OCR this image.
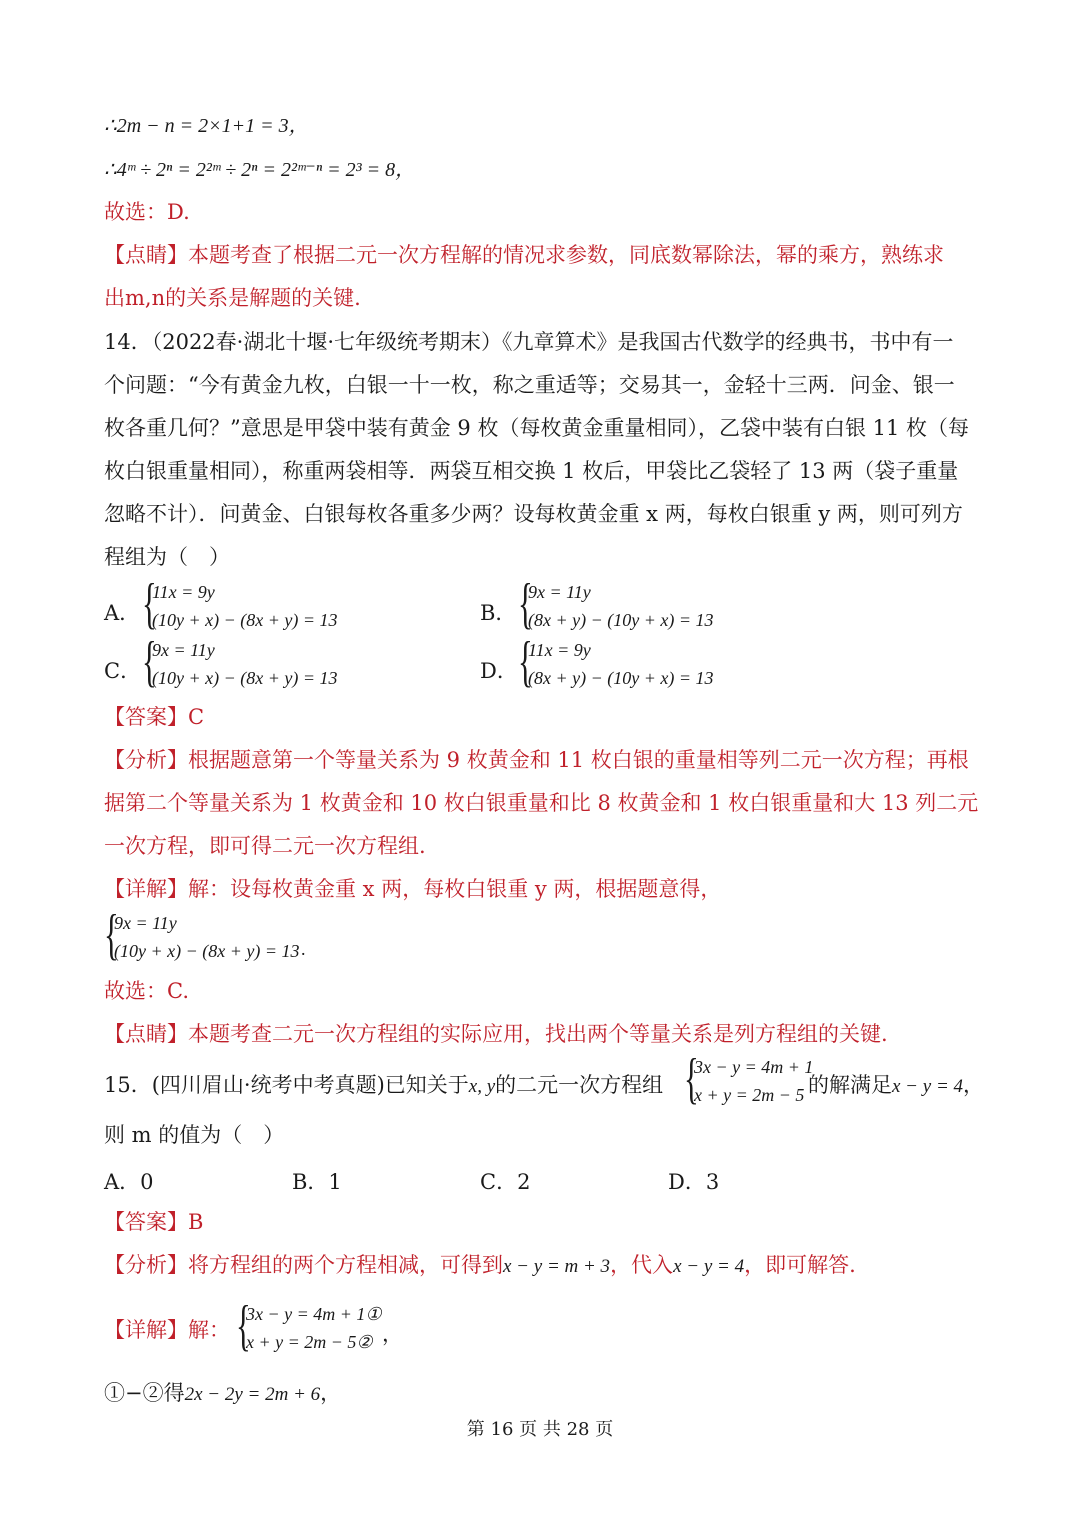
∴2m − n = 2×1+1 = 3，
∴4ᵐ ÷ 2ⁿ = 2²ᵐ ÷ 2ⁿ = 2²ᵐ⁻ⁿ = 2³ = 8，
故选：D.
【点睛】本题考查了根据二元一次方程解的情况求参数，同底数幂除法，幂的乘方，熟练求
出m,n的关系是解题的关键.
14．（2022春·湖北十堰·七年级统考期末）《九章算术》是我国古代数学的经典书，书中有一
个问题：“今有黄金九枚，白银一十一枚，称之重适等；交易其一，金轻十三两．问金、银一
枚各重几何？”意思是甲袋中装有黄金 9 枚（每枚黄金重量相同），乙袋中装有白银 11 枚（每
枚白银重量相同），称重两袋相等．两袋互相交换 1 枚后，甲袋比乙袋轻了 13 两（袋子重量
忽略不计）．问黄金、白银每枚各重多少两？设每枚黄金重 x 两，每枚白银重 y 两，则可列方
程组为（　）
A． {
11x = 9y
(10y + x) − (8x + y) = 13	B． {
9x = 11y
(8x + y) − (10y + x) = 13
C． {
9x = 11y
(10y + x) − (8x + y) = 13	D． {
11x = 9y
(8x + y) − (10y + x) = 13
【答案】C
【分析】根据题意第一个等量关系为 9 枚黄金和 11 枚白银的重量相等列二元一次方程；再根
据第二个等量关系为 1 枚黄金和 10 枚白银重量和比 8 枚黄金和 1 枚白银重量和大 13 列二元
一次方程，即可得二元一次方程组.
【详解】解：设每枚黄金重 x 两，每枚白银重 y 两，根据题意得，
{
9x = 11y
(10y + x) − (8x + y) = 13 .
故选：C.
【点睛】本题考查二元一次方程组的实际应用，找出两个等量关系是列方程组的关键.
15．(四川眉山·统考中考真题)已知关于x, y的二元一次方程组 {
3x − y = 4m + 1
x + y = 2m − 5 的解满足x − y = 4，
则 m 的值为（　）
A．0	B．1	C．2	D．3
【答案】B
【分析】将方程组的两个方程相减，可得到x − y = m + 3，代入x − y = 4，即可解答.
【详解】解： {
3x − y = 4m + 1①
x + y = 2m − 5② ，
①−②得2x − 2y = 2m + 6，
第 16 页 共 28 页
